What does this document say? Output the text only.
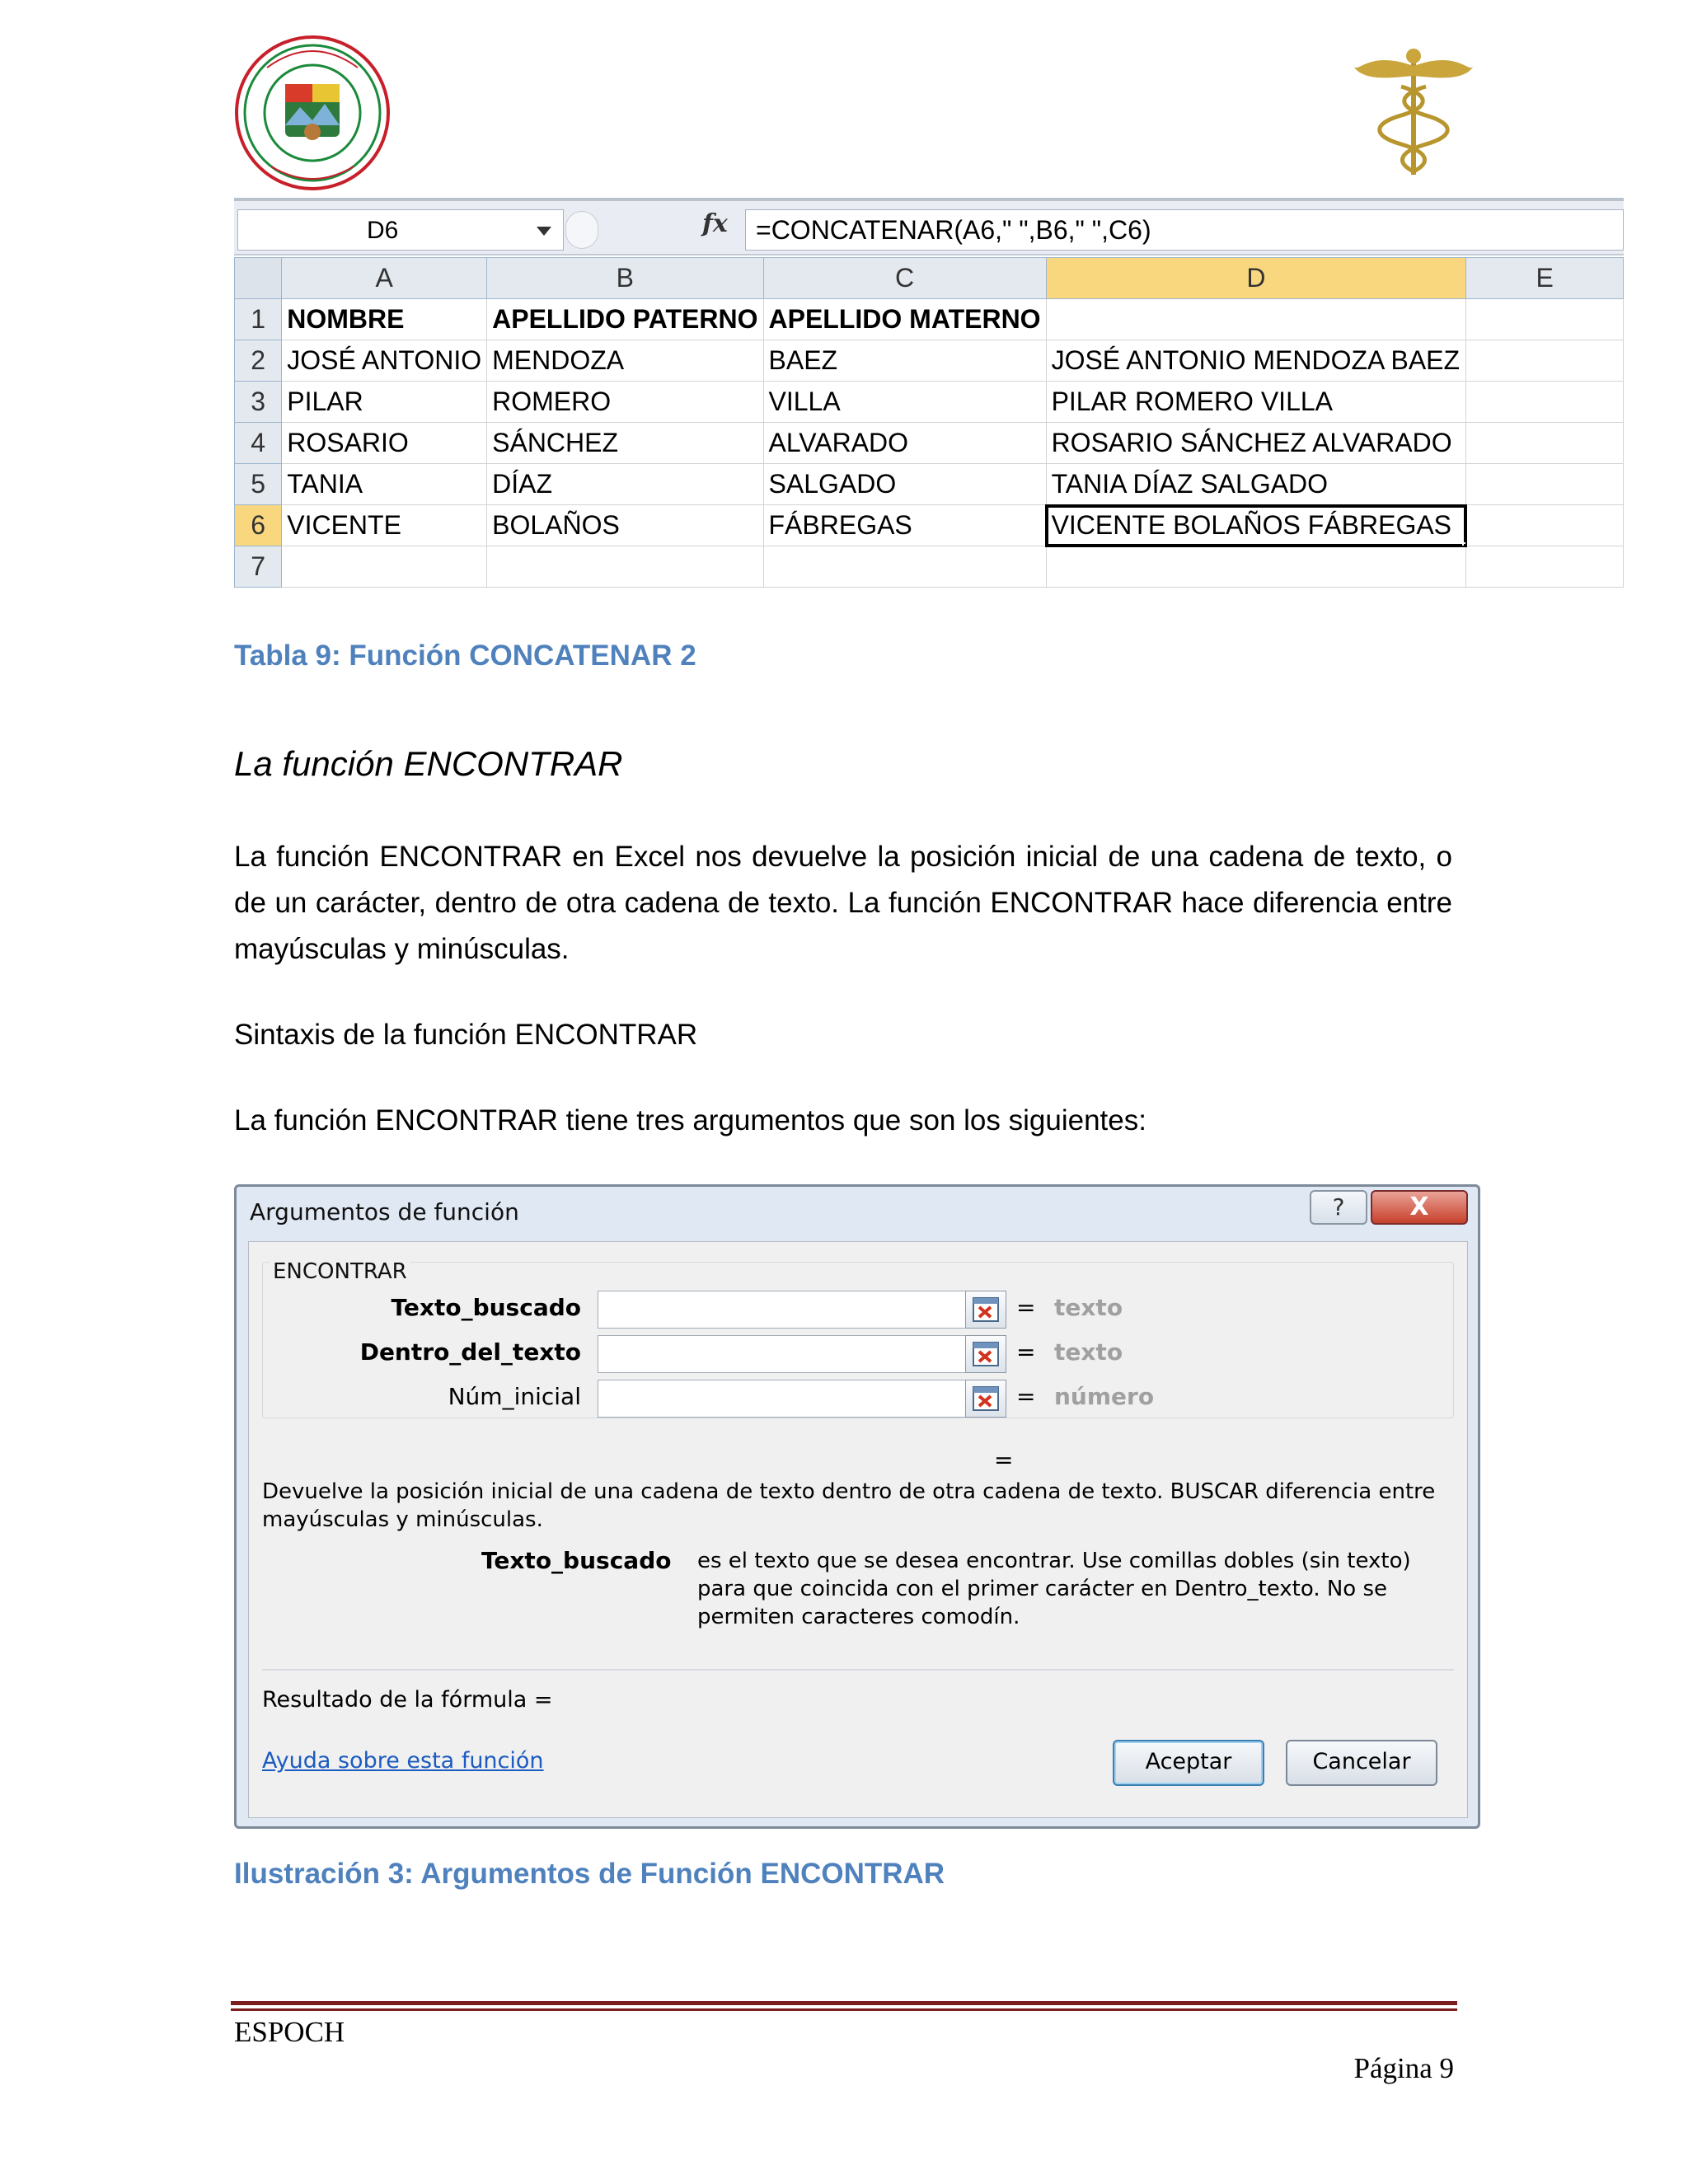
D6	fx =CONCATENAR(A6," ",B6," ",C6)
	A	B	C	D	E
1	NOMBRE	APELLIDO PATERNO	APELLIDO MATERNO		
2	JOSÉ ANTONIO	MENDOZA	BAEZ	JOSÉ ANTONIO MENDOZA BAEZ	
3	PILAR	ROMERO	VILLA	PILAR ROMERO VILLA	
4	ROSARIO	SÁNCHEZ	ALVARADO	ROSARIO SÁNCHEZ ALVARADO	
5	TANIA	DÍAZ	SALGADO	TANIA DÍAZ SALGADO	
6	VICENTE	BOLAÑOS	FÁBREGAS	VICENTE BOLAÑOS FÁBREGAS

7					
Tabla 9: Función CONCATENAR 2
La función ENCONTRAR

La función ENCONTRAR en Excel nos devuelve la posición inicial de una cadena de texto, o de un carácter, dentro de otra cadena de texto. La función ENCONTRAR hace diferencia entre mayúsculas y minúsculas.

Sintaxis de la función ENCONTRAR

La función ENCONTRAR tiene tres argumentos que son los siguientes:

Argumentos de función	?	X
ENCONTRAR
Texto_buscado	= texto
Dentro_del_texto	= texto
Núm_inicial	= número
=

Devuelve la posición inicial de una cadena de texto dentro de otra cadena de texto. BUSCAR diferencia entre mayúsculas y minúsculas.

Texto_buscado es el texto que se desea encontrar. Use comillas dobles (sin texto) para que coincida con el primer carácter en Dentro_texto. No se permiten caracteres comodín.

Resultado de la fórmula =
Ayuda sobre esta función	Aceptar	Cancelar
Ilustración 3: Argumentos de Función ENCONTRAR
ESPOCH
Página 9
